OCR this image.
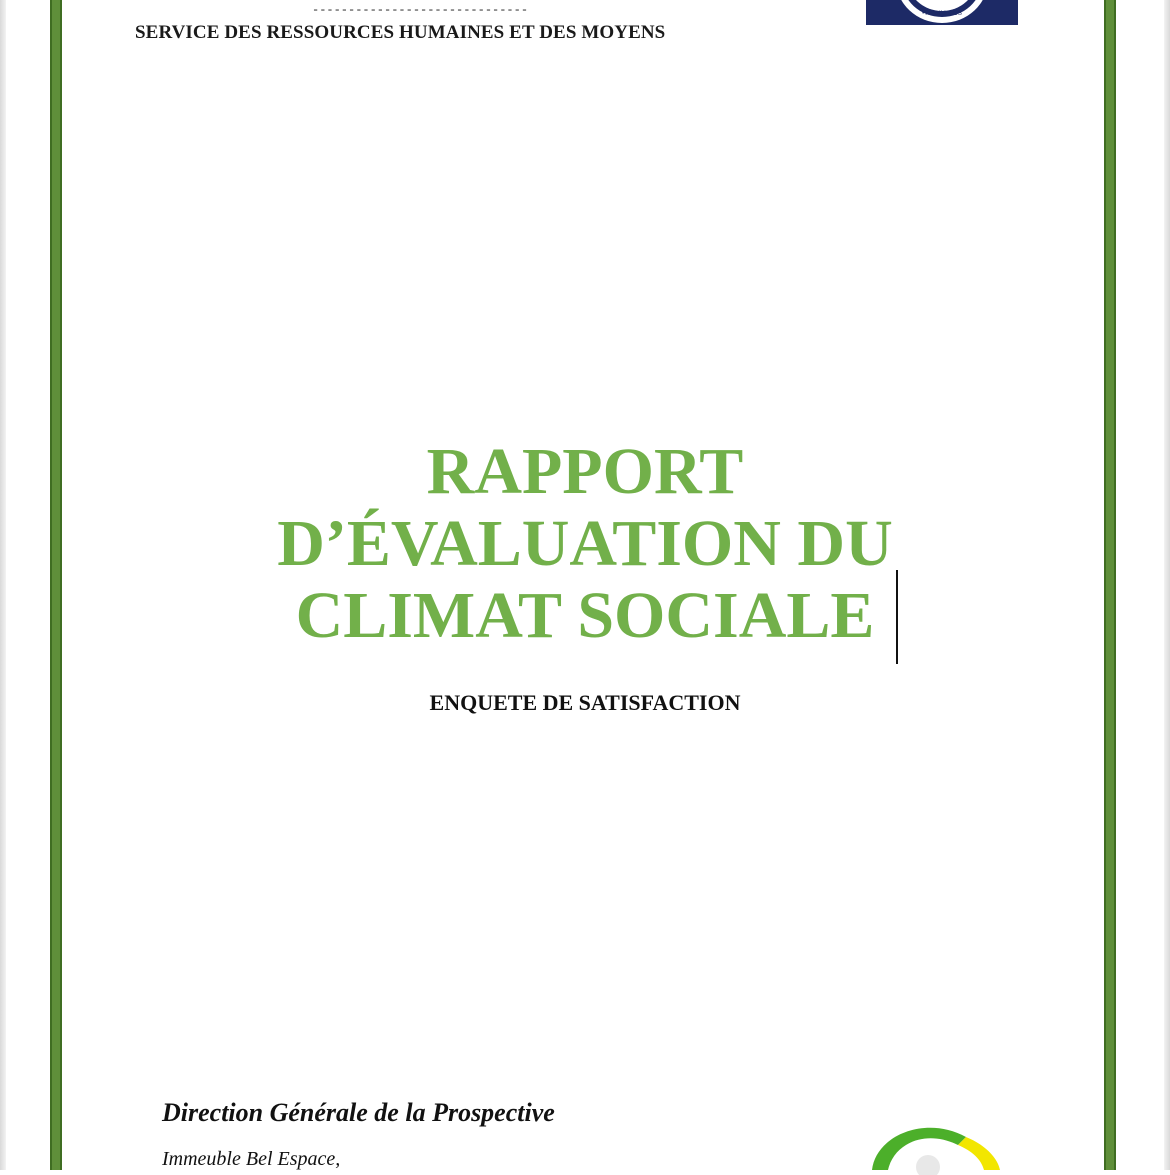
------------------------------
SERVICE DES RESSOURCES HUMAINES ET DES MOYENS
•TRAVAIL•JUS
RAPPORT
D’ÉVALUATION DU
CLIMAT SOCIALE
ENQUETE DE SATISFACTION
Direction Générale de la Prospective
Immeuble Bel Espace,
